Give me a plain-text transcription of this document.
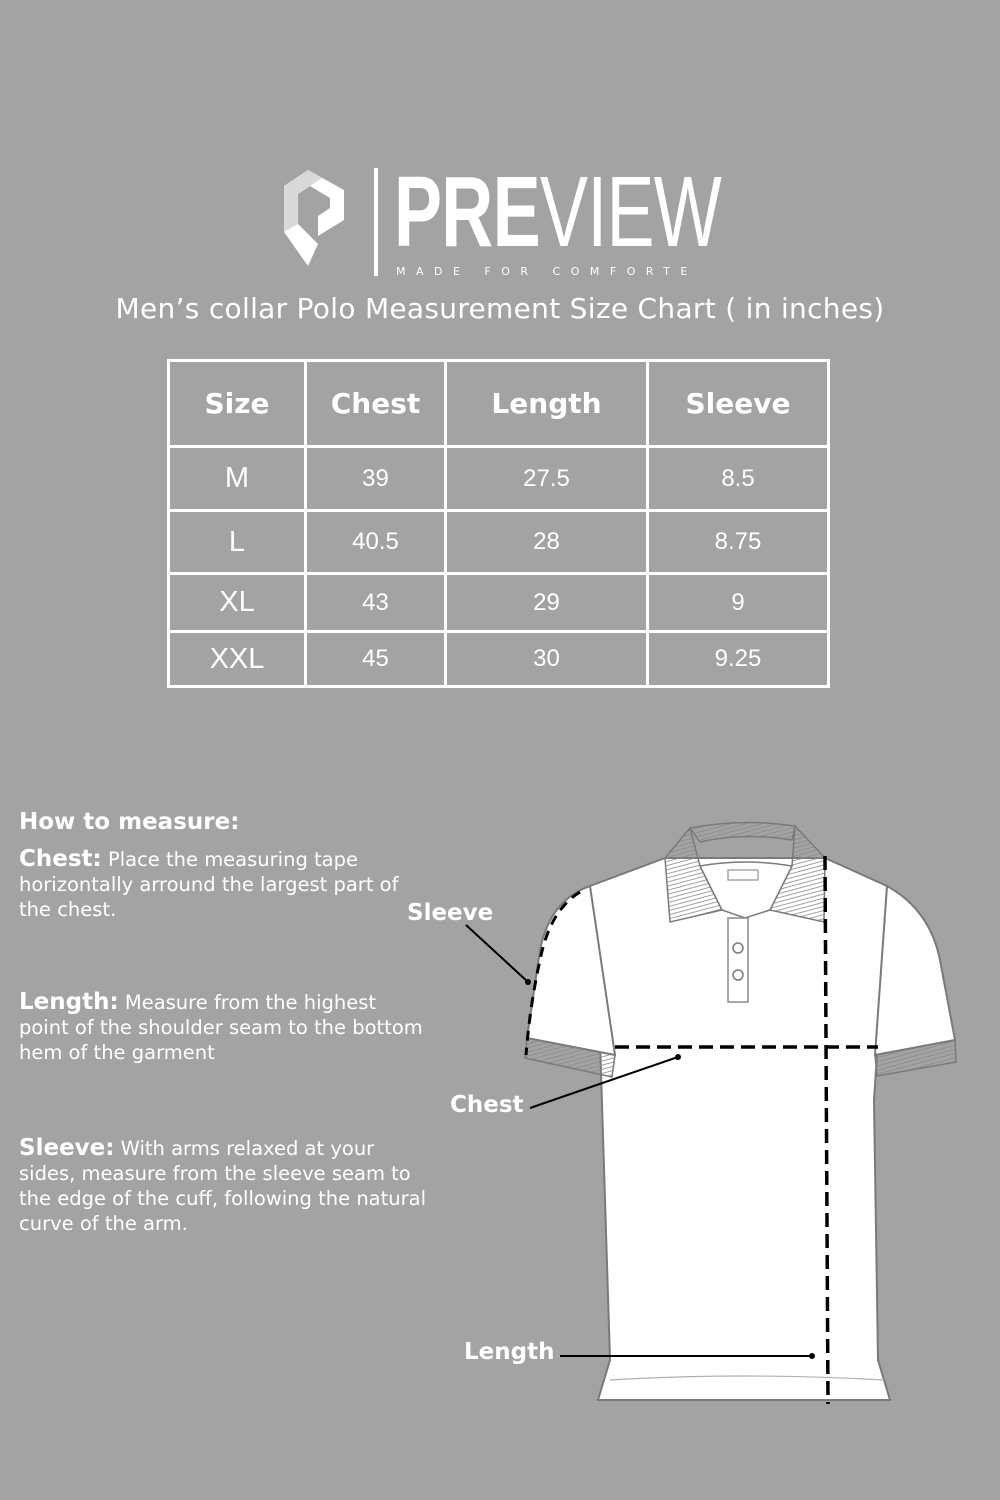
PREVIEW
MADE FOR COMFORTE
Men’s collar Polo Measurement Size Chart ( in inches)
Size	Chest	Length	Sleeve
M	39	27.5	8.5
L	40.5	28	8.75
XL	43	29	9
XXL	45	30	9.25
How to measure:

Chest: Place the measuring tape horizontally arround the largest part of the chest.

Length: Measure from the highest point of the shoulder seam to the bottom hem of the garment

Sleeve: With arms relaxed at your sides, measure from the sleeve seam to the edge of the cuff, following the natural curve of the arm.

Sleeve
Chest
Length
